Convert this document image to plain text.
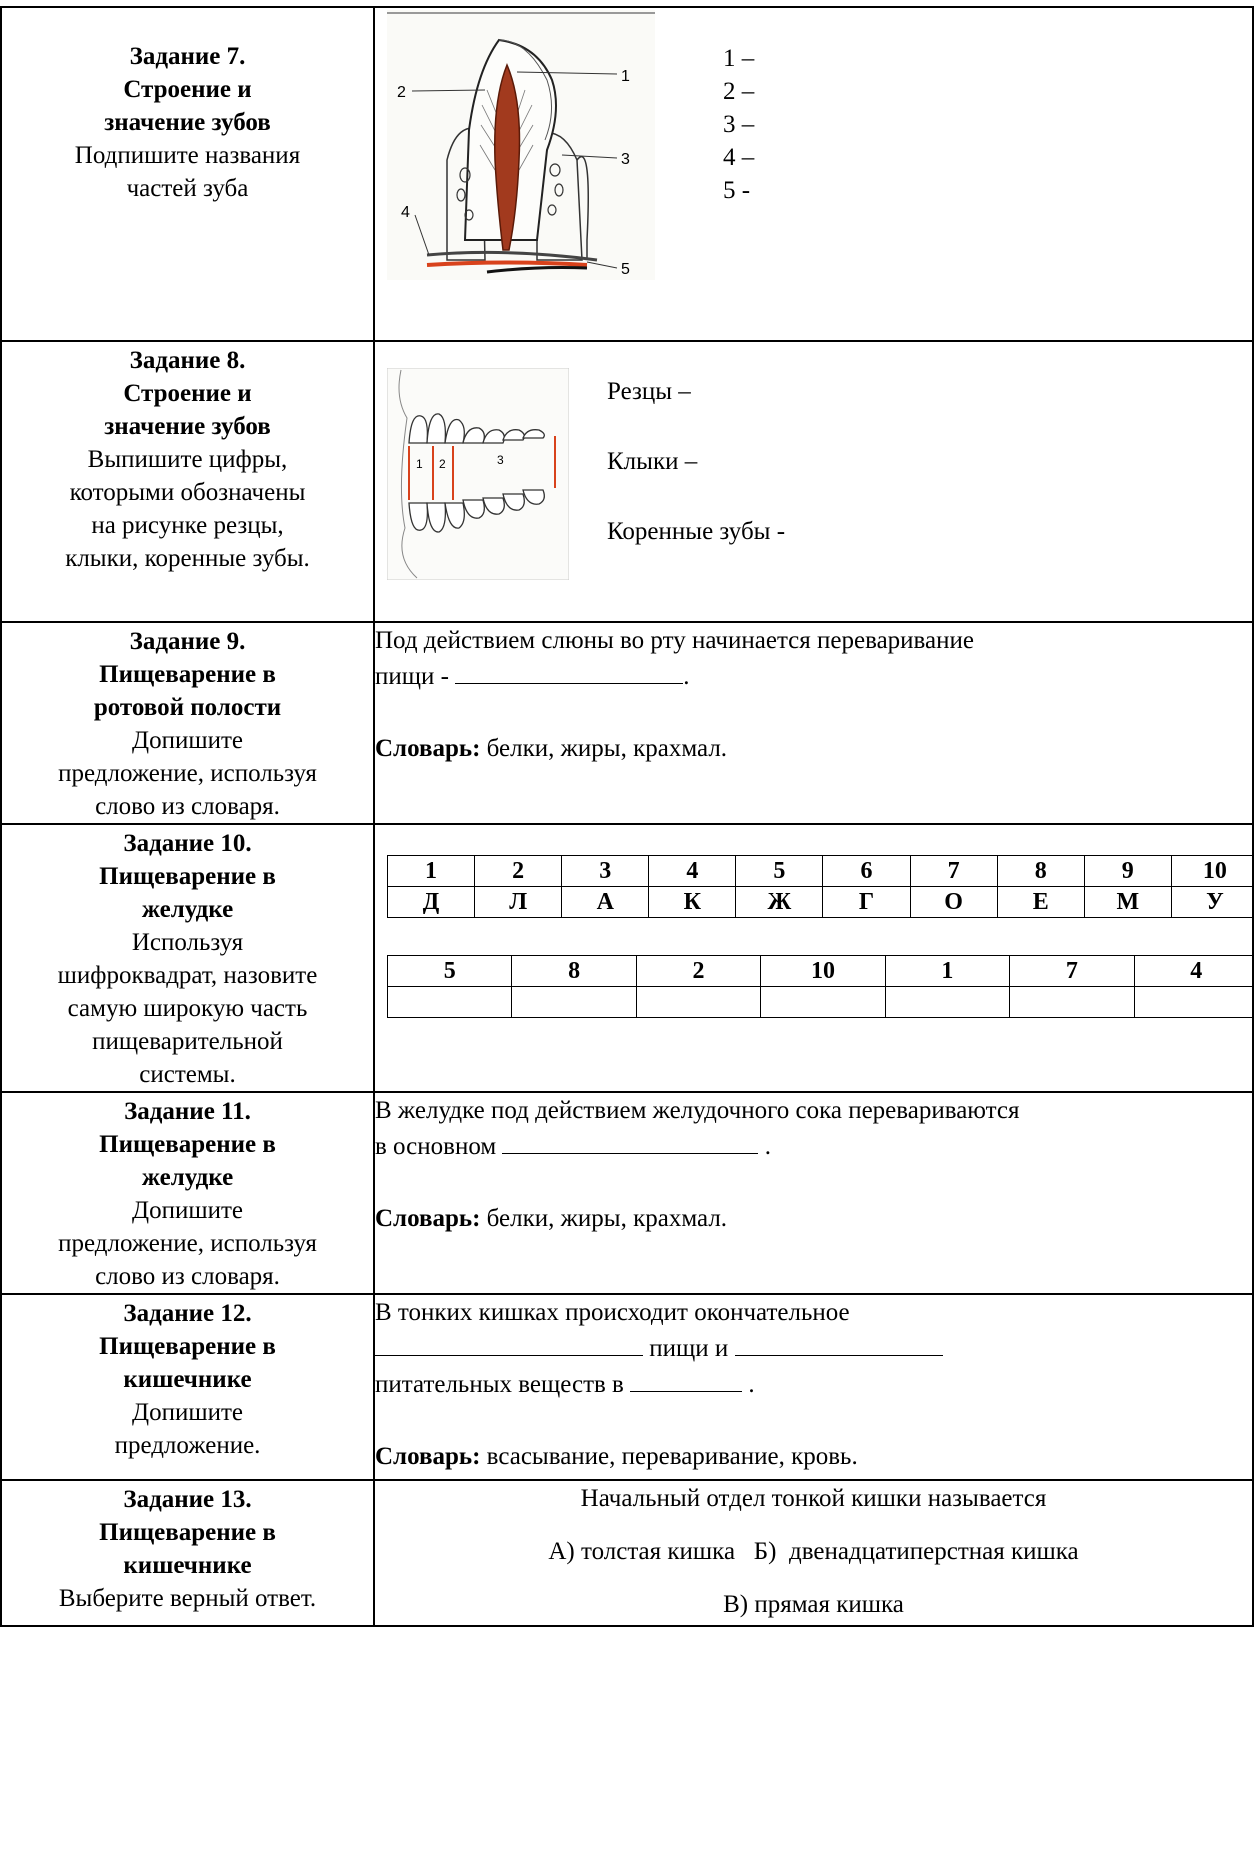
Задание 7.
Строение и
значение зубов
Подпишите названия
частей зуба

1
2
3
4
5
1 –
2 –
3 –
4 –
5 -

Задание 8.
Строение и
значение зубов
Выпишите цифры,
которыми обозначены
на рисунке резцы,
клыки, коренные зубы.

1 2	3
Резцы –
Клыки –
Коренные зубы -

Задание 9.
Пищеварение в
ротовой полости
Допишите
предложение, используя
слово из словаря.

Под действием слюны во рту начинается переваривание
пищи -	.
Словарь: белки, жиры, крахмал.

Задание 10.
Пищеварение в
желудке
Используя
шифроквадрат, назовите
самую широкую часть
пищеварительной
системы.

1	2	3	4	5	6	7	8	9	10
Д	Л	А	К	Ж	Г	О	Е	М	У
5	8	2	10	1	7	4

Задание 11.
Пищеварение в
желудке
Допишите
предложение, используя
слово из словаря.

В желудке под действием желудочного сока перевариваются
в основном	.
Словарь: белки, жиры, крахмал.

Задание 12.
Пищеварение в
кишечнике
Допишите
предложение.

В тонких кишках происходит окончательное
пищи и
питательных веществ в	.
Словарь: всасывание, переваривание, кровь.

Задание 13.
Пищеварение в
кишечнике
Выберите верный ответ.

Начальный отдел тонкой кишки называется
А) толстая кишка   Б)  двенадцатиперстная кишка
В) прямая кишка
